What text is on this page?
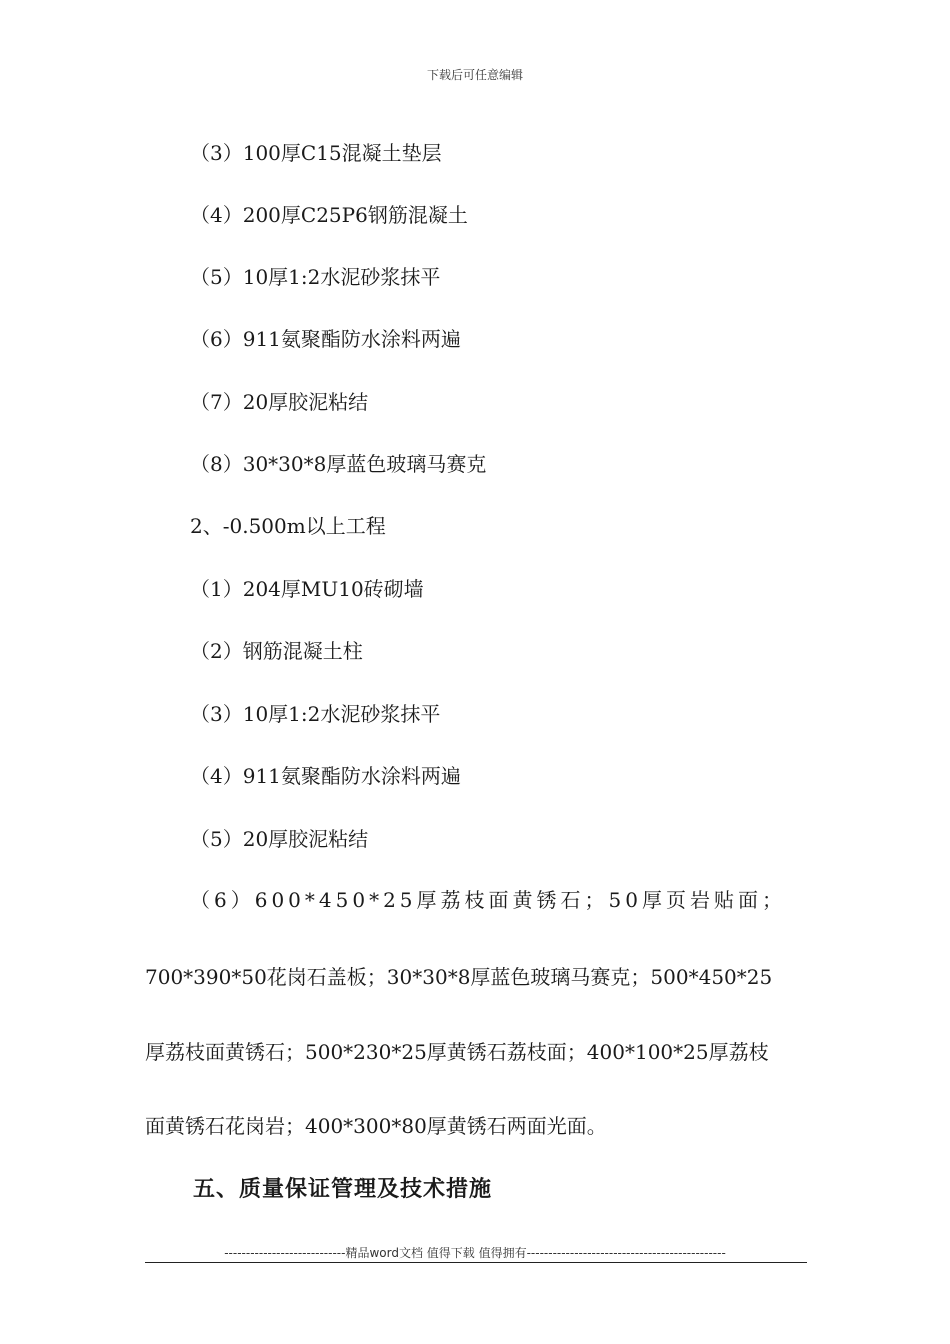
下载后可任意编辑
（3）100厚C15混凝土垫层
（4）200厚C25P6钢筋混凝土
（5）10厚1:2水泥砂浆抹平
（6）911氨聚酯防水涂料两遍
（7）20厚胶泥粘结
（8）30*30*8厚蓝色玻璃马赛克
2、-0.500m以上工程
（1）204厚MU10砖砌墙
（2）钢筋混凝土柱
（3）10厚1:2水泥砂浆抹平
（4）911氨聚酯防水涂料两遍
（5）20厚胶泥粘结
（6）600*450*25厚荔枝面黄锈石；50厚页岩贴面；
700*390*50花岗石盖板；30*30*8厚蓝色玻璃马赛克；500*450*25
厚荔枝面黄锈石；500*230*25厚黄锈石荔枝面；400*100*25厚荔枝
面黄锈石花岗岩；400*300*80厚黄锈石两面光面。
五、质量保证管理及技术措施
----------------------------精品word文档 值得下载 值得拥有----------------------------------------------
